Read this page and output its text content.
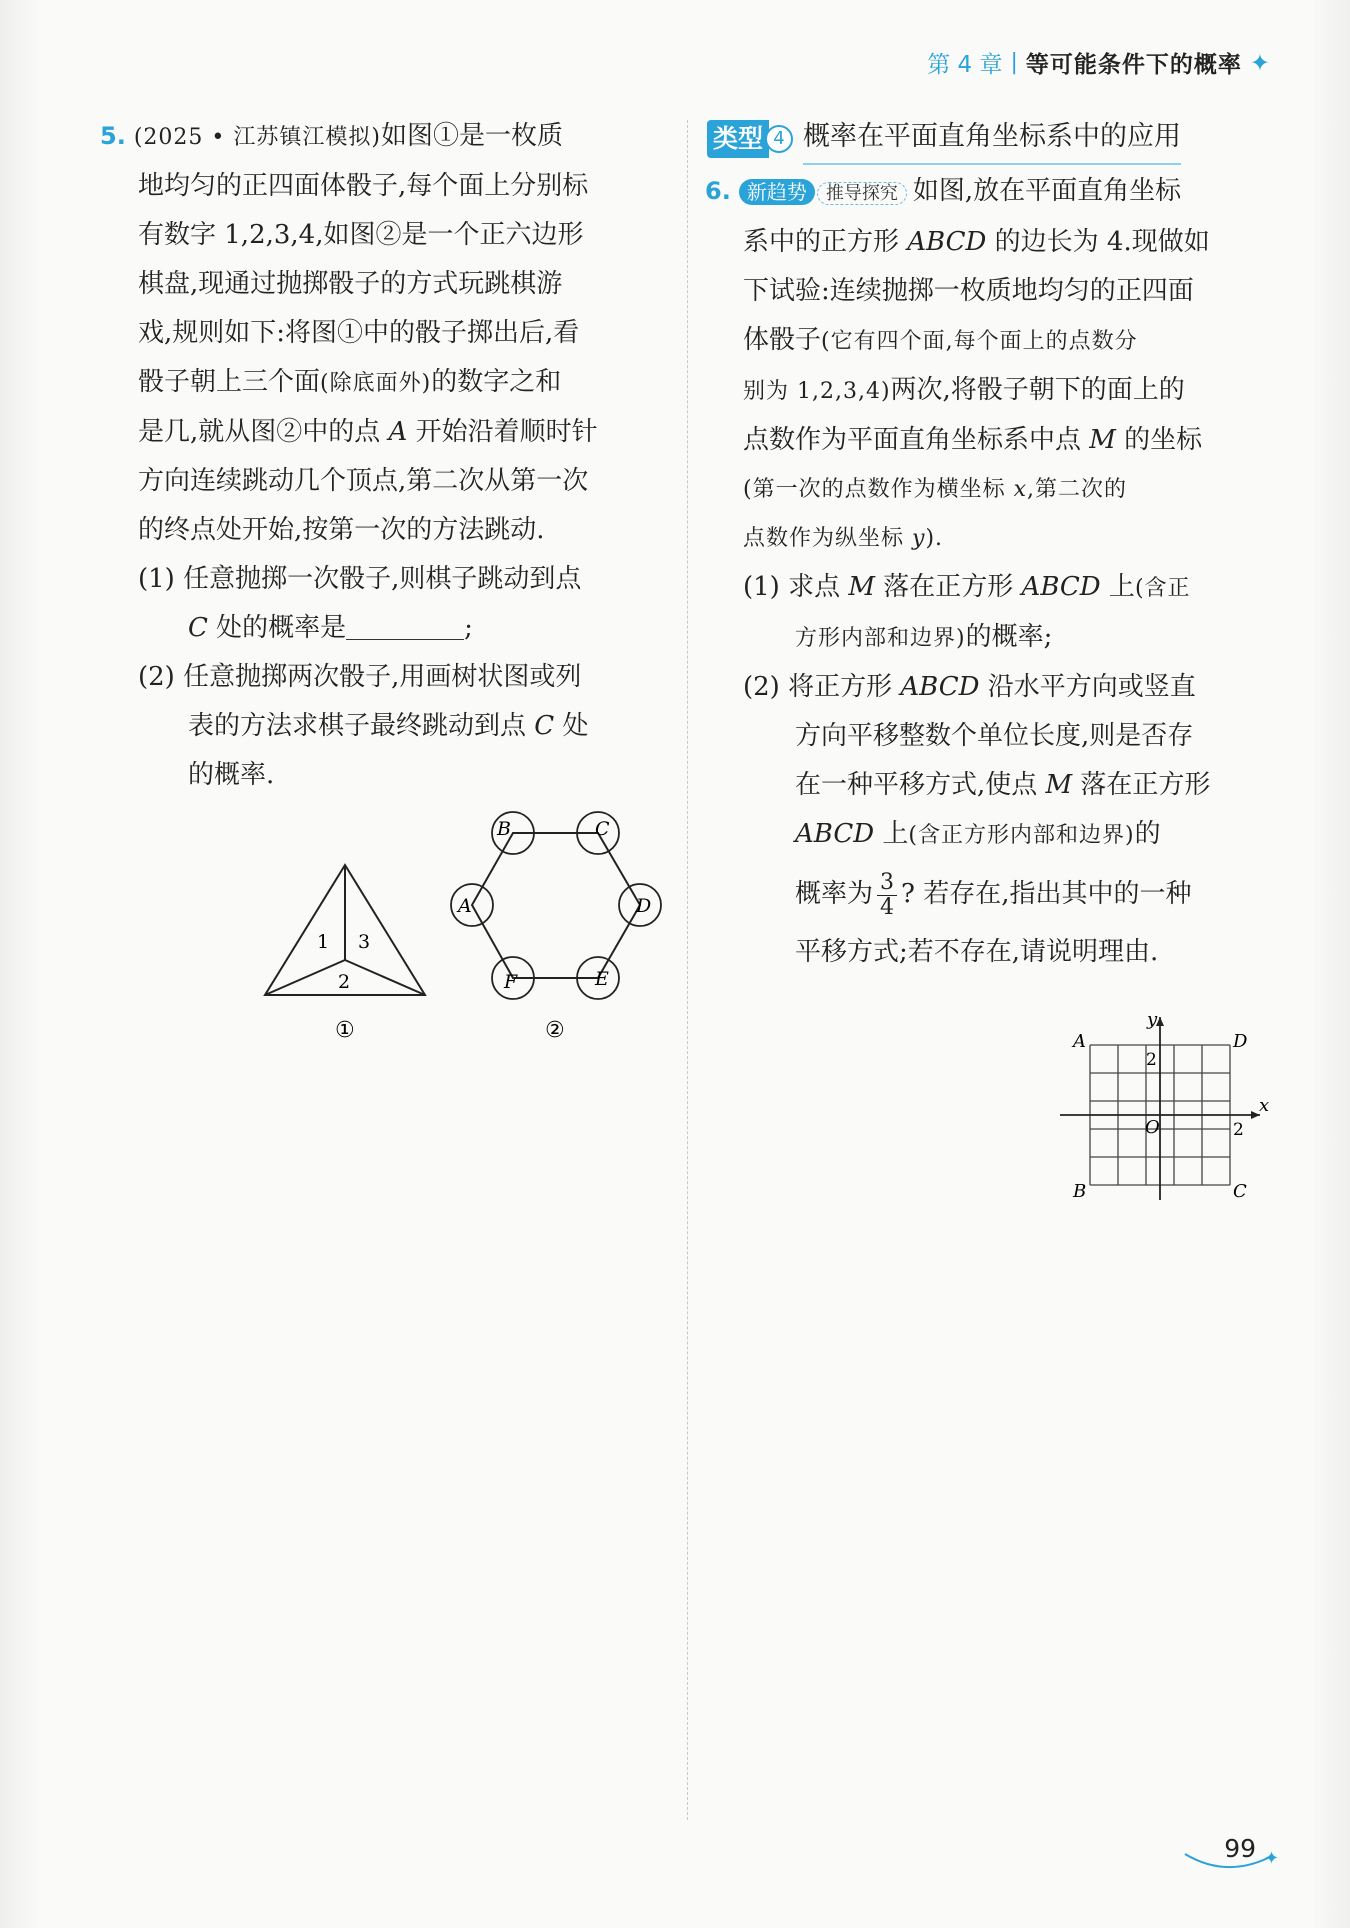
第 4 章 | 等可能条件下的概率 ✦
5. (2025 • 江苏镇江模拟)如图①是一枚质
地均匀的正四面体骰子,每个面上分别标
有数字 1,2,3,4,如图②是一个正六边形
棋盘,现通过抛掷骰子的方式玩跳棋游
戏,规则如下:将图①中的骰子掷出后,看
骰子朝上三个面(除底面外)的数字之和
是几,就从图②中的点 A 开始沿着顺时针
方向连续跳动几个顶点,第二次从第一次
的终点处开始,按第一次的方法跳动.
(1) 任意抛掷一次骰子,则棋子跳动到点
C 处的概率是	;
(2) 任意抛掷两次骰子,用画树状图或列
表的方法求棋子最终跳动到点 C 处
的概率.
1 3
2
①
B	C
D
E
F
A
②
类型 4 概率在平面直角坐标系中的应用
6. 新趋势 推导探究 如图,放在平面直角坐标
系中的正方形 ABCD 的边长为 4.现做如
下试验:连续抛掷一枚质地均匀的正四面
体骰子(它有四个面,每个面上的点数分
别为 1,2,3,4)两次,将骰子朝下的面上的
点数作为平面直角坐标系中点 M 的坐标
(第一次的点数作为横坐标 x,第二次的
点数作为纵坐标 y).
(1) 求点 M 落在正方形 ABCD 上(含正
方形内部和边界)的概率;
(2) 将正方形 ABCD 沿水平方向或竖直
方向平移整数个单位长度,则是否存
在一种平移方式,使点 M 落在正方形
ABCD 上(含正方形内部和边界)的
概率为 $\frac{3}{4}$ ? 若存在,指出其中的一种
平移方式;若不存在,请说明理由.
y
x
O
2
2
A	D
B	C
99 ✦
